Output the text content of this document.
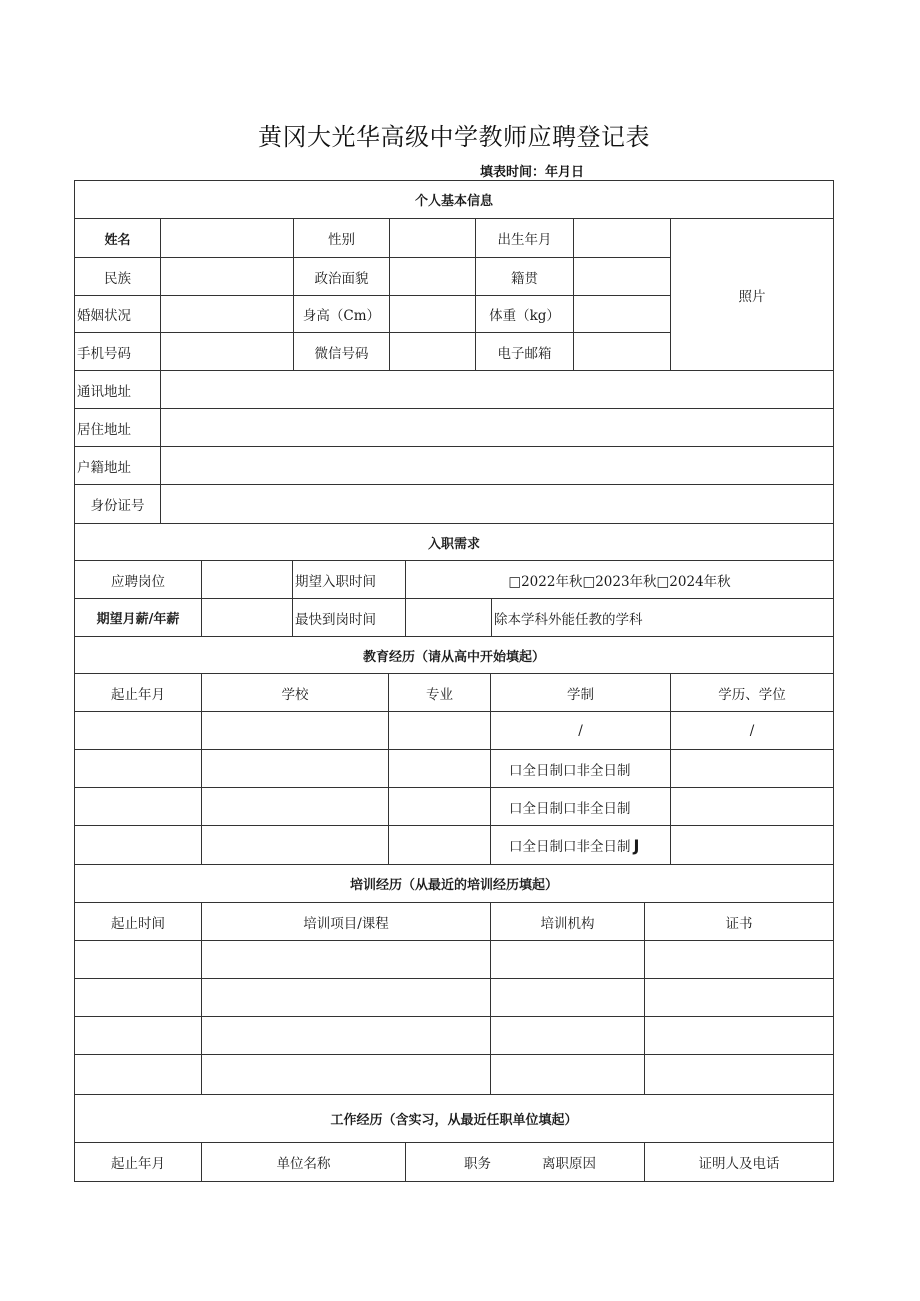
黄冈大光华高级中学教师应聘登记表
填表时间：年月日
个人基本信息
姓名	性别	出生年月
照片
民族	政治面貌	籍贯
婚姻状况	身高（Cm）	体重（kg）
手机号码	微信号码	电子邮箱
通讯地址
居住地址
户籍地址
身份证号
入职需求
应聘岗位	期望入职时间	□2022年秋□2023年秋□2024年秋
期望月薪/年薪	最快到岗时间	除本学科外能任教的学科
教育经历（请从高中开始填起）
起止年月	学校	专业	学制	学历、学位
/	/
口全日制口非全日制
口全日制口非全日制
口全日制口非全日制 J
培训经历（从最近的培训经历填起）
起止时间	培训项目/课程	培训机构	证书
工作经历（含实习，从最近任职单位填起）
起止年月	单位名称	职务	离职原因	证明人及电话
